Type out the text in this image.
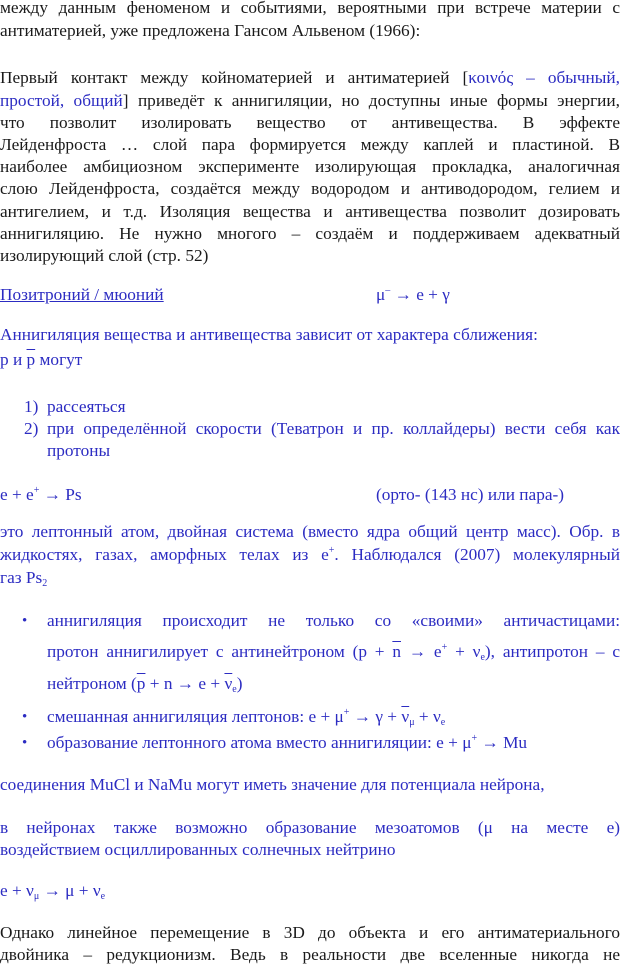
между данным феноменом и событиями, вероятными при встрече материи с
антиматерией, уже предложена Гансом Альвеном (1966):
Первый контакт между койноматерией и антиматерией [κοινός – обычный,
простой, общий] приведёт к аннигиляции, но доступны иные формы энергии,
что позволит изолировать вещество от антивещества. В эффекте
Лейденфроста … слой пара формируется между каплей и пластиной. В
наиболее амбициозном эксперименте изолирующая прокладка, аналогичная
слою Лейденфроста, создаётся между водородом и антиводородом, гелием и
антигелием, и т.д. Изоляция вещества и антивещества позволит дозировать
аннигиляцию. Не нужно многого – создаём и поддерживаем адекватный
изолирующий слой (стр. 52)
Позитроний / мюоний	μ– → e + γ
Аннигиляция вещества и антивещества зависит от характера сближения:
p и $\overline{p}$ могут
1) рассеяться
2) при определённой скорости (Теватрон и пр. коллайдеры) вести себя как
протоны
e + e+ → Ps	(орто- (143 нс) или пара-)
это лептонный атом, двойная система (вместо ядра общий центр масс). Обр. в
жидкостях, газах, аморфных телах из e+. Наблюдался (2007) молекулярный
газ $Ps_2$
• аннигиляция происходит не только со «своими» античастицами:
протон аннигилирует с антинейтроном $(p + \overline{n} \to e^+ + \nu_e)$, антипротон – с
нейтроном $(\overline{p} + n \to e + \overline{\nu}_e)$
• смешанная аннигиляция лептонов: $e + \mu^+ \to \gamma + \overline{\nu}_\mu + \nu_e$
• образование лептонного атома вместо аннигиляции: e + μ+ → Mu
соединения MuCl и NaMu могут иметь значение для потенциала нейрона,
в нейронах также возможно образование мезоатомов (μ на месте e)
воздействием осциллированных солнечных нейтрино
$e + \nu_\mu \to \mu + \nu_e$
Однако линейное перемещение в 3D до объекта и его антиматериального
двойника – редукционизм. Ведь в реальности две вселенные никогда не
